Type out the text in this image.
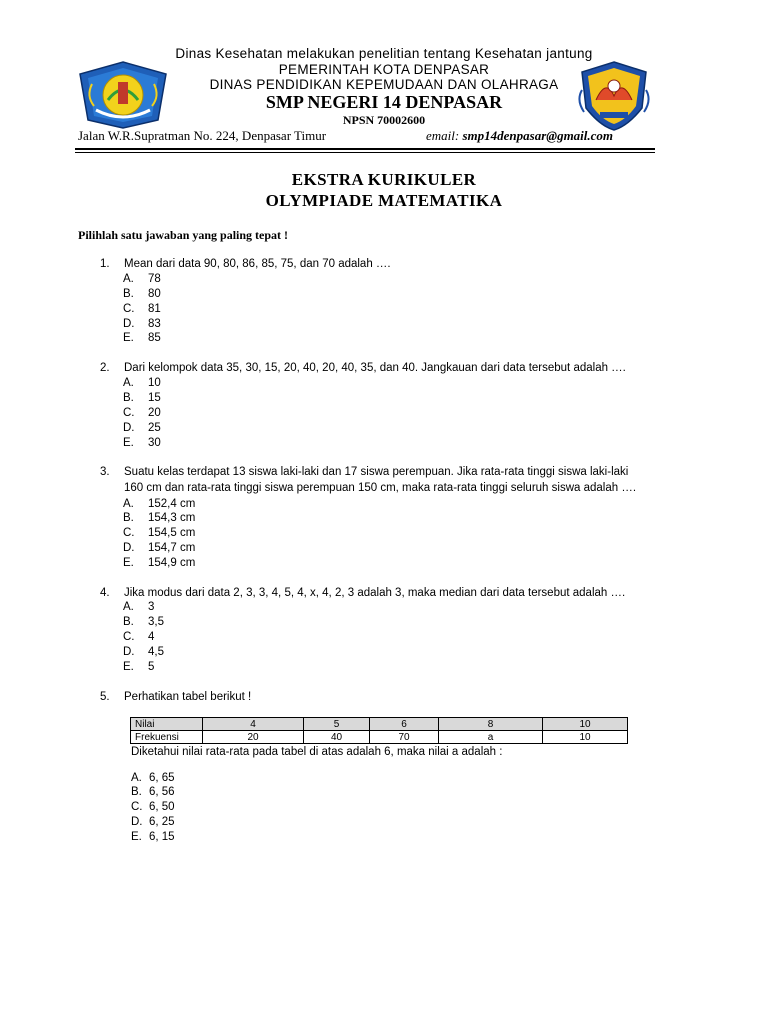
Dinas Kesehatan melakukan penelitian tentang Kesehatan jantung
PEMERINTAH KOTA DENPASAR
DINAS PENDIDIKAN KEPEMUDAAN DAN OLAHRAGA
SMP NEGERI 14 DENPASAR
NPSN 70002600
Jalan W.R.Supratman No. 224, Denpasar Timur	email: smp14denpasar@gmail.com
EKSTRA KURIKULER
OLYMPIADE MATEMATIKA
Pilihlah satu jawaban yang paling tepat !
1. Mean dari data 90, 80, 86, 85, 75, dan 70 adalah ….
A. 78
B. 80
C. 81
D. 83
E. 85
2. Dari kelompok data 35, 30, 15, 20, 40, 20, 40, 35, dan 40. Jangkauan dari data tersebut adalah ….
A. 10
B. 15
C. 20
D. 25
E. 30
3. Suatu kelas terdapat 13 siswa laki-laki dan 17 siswa perempuan. Jika rata-rata tinggi siswa laki-laki
160 cm dan rata-rata tinggi siswa perempuan 150 cm, maka rata-rata tinggi seluruh siswa adalah ….
A. 152,4 cm
B. 154,3 cm
C. 154,5 cm
D. 154,7 cm
E. 154,9 cm
4. Jika modus dari data 2, 3, 3, 4, 5, 4, x, 4, 2, 3 adalah 3, maka median dari data tersebut adalah ….
A. 3
B. 3,5
C. 4
D. 4,5
E. 5
5. Perhatikan tabel berikut !
Nilai	4	5	6	8	10
Frekuensi	20	40	70	a	10
Diketahui nilai rata-rata pada tabel di atas adalah 6, maka nilai a adalah :
A. 6, 65
B. 6, 56
C. 6, 50
D. 6, 25
E. 6, 15
